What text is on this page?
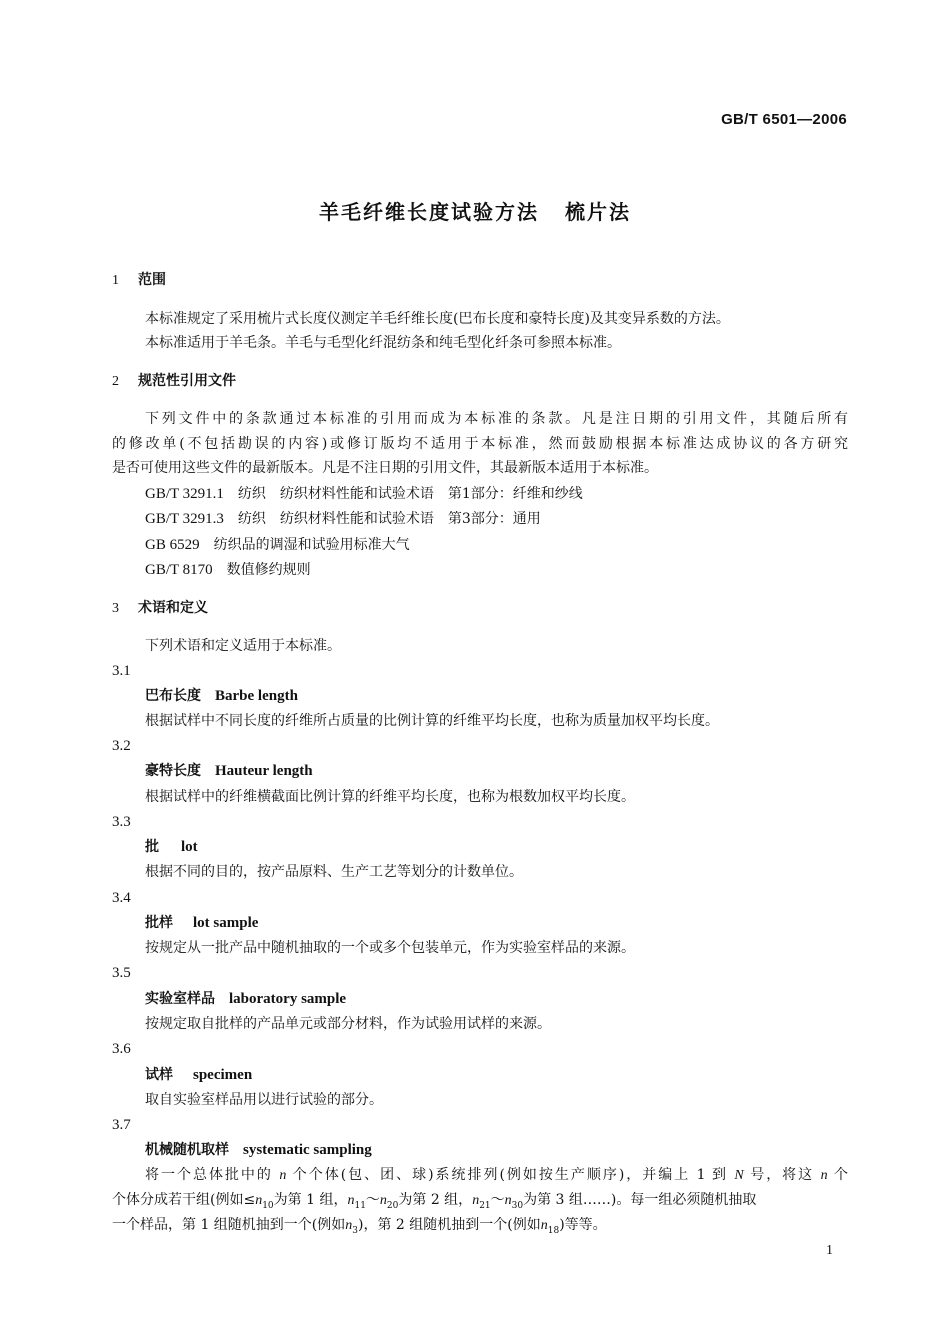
GB/T 6501—2006
羊毛纤维长度试验方法 梳片法
1 范围
本标准规定了采用梳片式长度仪测定羊毛纤维长度(巴布长度和豪特长度)及其变异系数的方法。
本标准适用于羊毛条。羊毛与毛型化纤混纺条和纯毛型化纤条可参照本标准。
2 规范性引用文件
下列文件中的条款通过本标准的引用而成为本标准的条款。凡是注日期的引用文件，其随后所有
的修改单(不包括勘误的内容)或修订版均不适用于本标准，然而鼓励根据本标准达成协议的各方研究
是否可使用这些文件的最新版本。凡是不注日期的引用文件，其最新版本适用于本标准。
GB/T 3291.1 纺织　纺织材料性能和试验术语　第1部分：纤维和纱线
GB/T 3291.3 纺织　纺织材料性能和试验术语　第3部分：通用
GB 6529 纺织品的调湿和试验用标准大气
GB/T 8170 数值修约规则
3 术语和定义
下列术语和定义适用于本标准。
3.1
巴布长度 Barbe length
根据试样中不同长度的纤维所占质量的比例计算的纤维平均长度，也称为质量加权平均长度。
3.2
豪特长度 Hauteur length
根据试样中的纤维横截面比例计算的纤维平均长度，也称为根数加权平均长度。
3.3
批 lot
根据不同的目的，按产品原料、生产工艺等划分的计数单位。
3.4
批样 lot sample
按规定从一批产品中随机抽取的一个或多个包装单元，作为实验室样品的来源。
3.5
实验室样品 laboratory sample
按规定取自批样的产品单元或部分材料，作为试验用试样的来源。
3.6
试样 specimen
取自实验室样品用以进行试验的部分。
3.7
机械随机取样 systematic sampling
将一个总体批中的 n 个个体(包、团、球)系统排列(例如按生产顺序)，并编上 1 到 N 号，将这 n 个
个体分成若干组(例如$\le n_{10}$为第 1 组，$n_{11}\sim n_{20}$为第 2 组，$n_{21}\sim n_{30}$为第 3 组……)。每一组必须随机抽取
一个样品，第 1 组随机抽到一个(例如$n_3$)，第 2 组随机抽到一个(例如$n_{18}$)等等。
1
